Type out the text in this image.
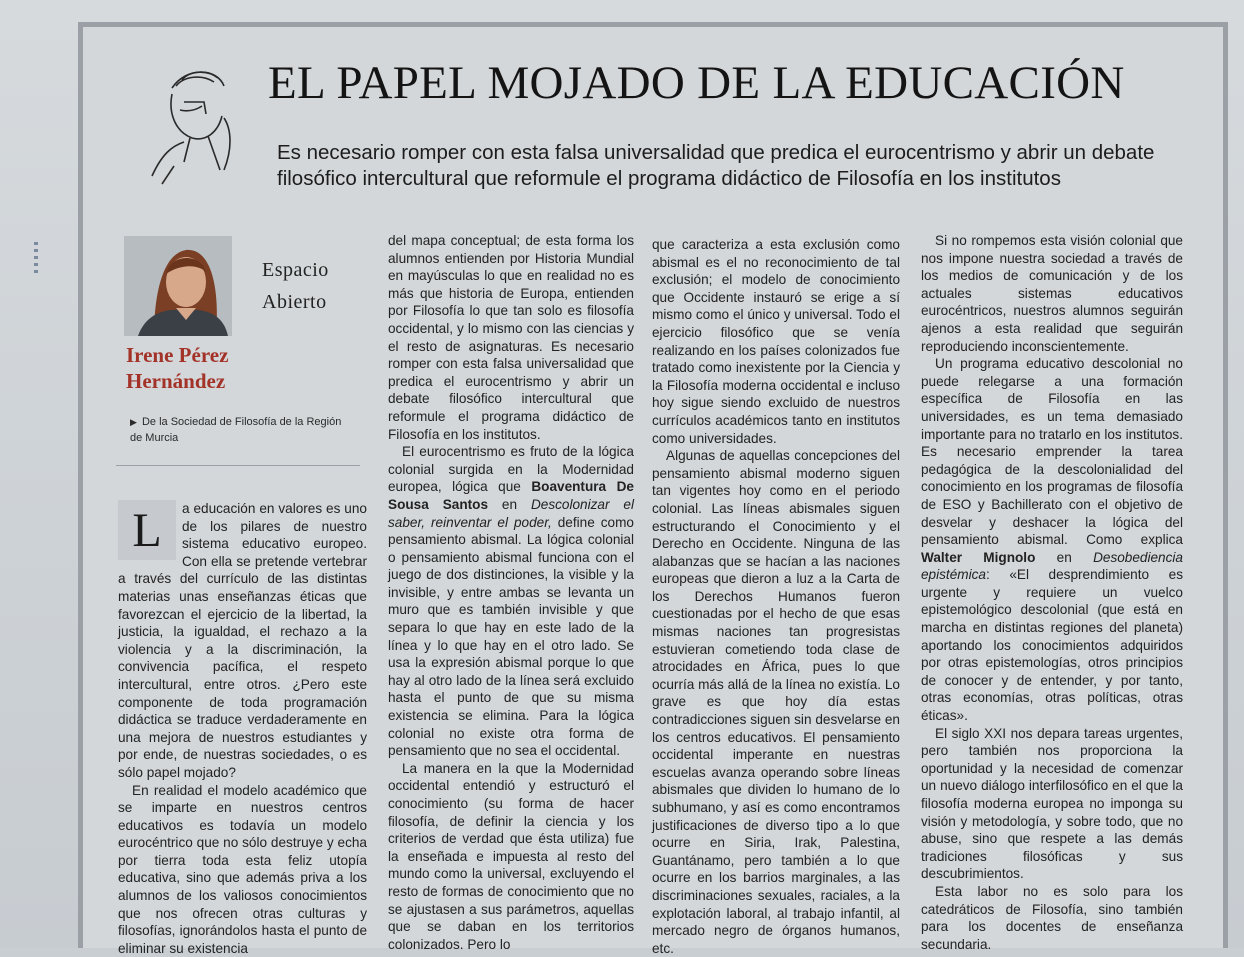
EL PAPEL MOJADO DE LA EDUCACIÓN
Es necesario romper con esta falsa universalidad que predica el eurocentrismo y abrir un debate filosófico intercultural que reformule el programa didáctico de Filosofía en los institutos
Espacio
Abierto
Irene Pérez
Hernández
▶ De la Sociedad de Filosofía de la Región de Murcia

L	a educación en valores es uno de los pilares de nuestro sistema educativo europeo. Con ella se pretende vertebrar a través del currículo de las distintas materias unas enseñanzas éticas que favorezcan el ejercicio de la libertad, la justicia, la igualdad, el rechazo a la violencia y a la discriminación, la convivencia pacífica, el respeto intercultural, entre otros. ¿Pero este componente de toda programación didáctica se traduce verdaderamente en una mejora de nuestros estudiantes y por ende, de nuestras sociedades, o es sólo papel mojado?

En realidad el modelo académico que se imparte en nuestros centros educativos es todavía un modelo eurocéntrico que no sólo destruye y echa por tierra toda esta feliz utopía educativa, sino que además priva a los alumnos de los valiosos conocimientos que nos ofrecen otras culturas y filosofías, ignorándolos hasta el punto de eliminar su existencia

del mapa conceptual; de esta forma los alumnos entienden por Historia Mundial en mayúsculas lo que en realidad no es más que historia de Europa, entienden por Filosofía lo que tan solo es filosofía occidental, y lo mismo con las ciencias y el resto de asignaturas. Es necesario romper con esta falsa universalidad que predica el eurocentrismo y abrir un debate filosófico intercultural que reformule el programa didáctico de Filosofía en los institutos.

El eurocentrismo es fruto de la lógica colonial surgida en la Modernidad europea, lógica que Boaventura De Sousa Santos en Descolonizar el saber, reinventar el poder, define como pensamiento abismal. La lógica colonial o pensamiento abismal funciona con el juego de dos distinciones, la visible y la invisible, y entre ambas se levanta un muro que es también invisible y que separa lo que hay en este lado de la línea y lo que hay en el otro lado. Se usa la expresión abismal porque lo que hay al otro lado de la línea será excluido hasta el punto de que su misma existencia se elimina. Para la lógica colonial no existe otra forma de pensamiento que no sea el occidental.

La manera en la que la Modernidad occidental entendió y estructuró el conocimiento (su forma de hacer filosofía, de definir la ciencia y los criterios de verdad que ésta utiliza) fue la enseñada e impuesta al resto del mundo como la universal, excluyendo el resto de formas de conocimiento que no se ajustasen a sus parámetros, aquellas que se daban en los territorios colonizados. Pero lo

que caracteriza a esta exclusión como abismal es el no reconocimiento de tal exclusión; el modelo de conocimiento que Occidente instauró se erige a sí mismo como el único y universal. Todo el ejercicio filosófico que se venía realizando en los países colonizados fue tratado como inexistente por la Ciencia y la Filosofía moderna occidental e incluso hoy sigue siendo excluido de nuestros currículos académicos tanto en institutos como universidades.

Algunas de aquellas concepciones del pensamiento abismal moderno siguen tan vigentes hoy como en el periodo colonial. Las líneas abismales siguen estructurando el Conocimiento y el Derecho en Occidente. Ninguna de las alabanzas que se hacían a las naciones europeas que dieron a luz a la Carta de los Derechos Humanos fueron cuestionadas por el hecho de que esas mismas naciones tan progresistas estuvieran cometiendo toda clase de atrocidades en África, pues lo que ocurría más allá de la línea no existía. Lo grave es que hoy día estas contradicciones siguen sin desvelarse en los centros educativos. El pensamiento occidental imperante en nuestras escuelas avanza operando sobre líneas abismales que dividen lo humano de lo subhumano, y así es como encontramos justificaciones de diverso tipo a lo que ocurre en Siria, Irak, Palestina, Guantánamo, pero también a lo que ocurre en los barrios marginales, a las discriminaciones sexuales, raciales, a la explotación laboral, al trabajo infantil, al mercado negro de órganos humanos, etc.

Si no rompemos esta visión colonial que nos impone nuestra sociedad a través de los medios de comunicación y de los actuales sistemas educativos eurocéntricos, nuestros alumnos seguirán ajenos a esta realidad que seguirán reproduciendo inconscientemente.

Un programa educativo descolonial no puede relegarse a una formación específica de Filosofía en las universidades, es un tema demasiado importante para no tratarlo en los institutos. Es necesario emprender la tarea pedagógica de la descolonialidad del conocimiento en los programas de filosofía de ESO y Bachillerato con el objetivo de desvelar y deshacer la lógica del pensamiento abismal. Como explica Walter Mignolo en Desobediencia epistémica: «El desprendimiento es urgente y requiere un vuelco epistemológico descolonial (que está en marcha en distintas regiones del planeta) aportando los conocimientos adquiridos por otras epistemologías, otros principios de conocer y de entender, y por tanto, otras economías, otras políticas, otras éticas».

El siglo XXI nos depara tareas urgentes, pero también nos proporciona la oportunidad y la necesidad de comenzar un nuevo diálogo interfilosófico en el que la filosofía moderna europea no imponga su visión y metodología, y sobre todo, que no abuse, sino que respete a las demás tradiciones filosóficas y sus descubrimientos.

Esta labor no es solo para los catedráticos de Filosofía, sino también para los docentes de enseñanza secundaria.
